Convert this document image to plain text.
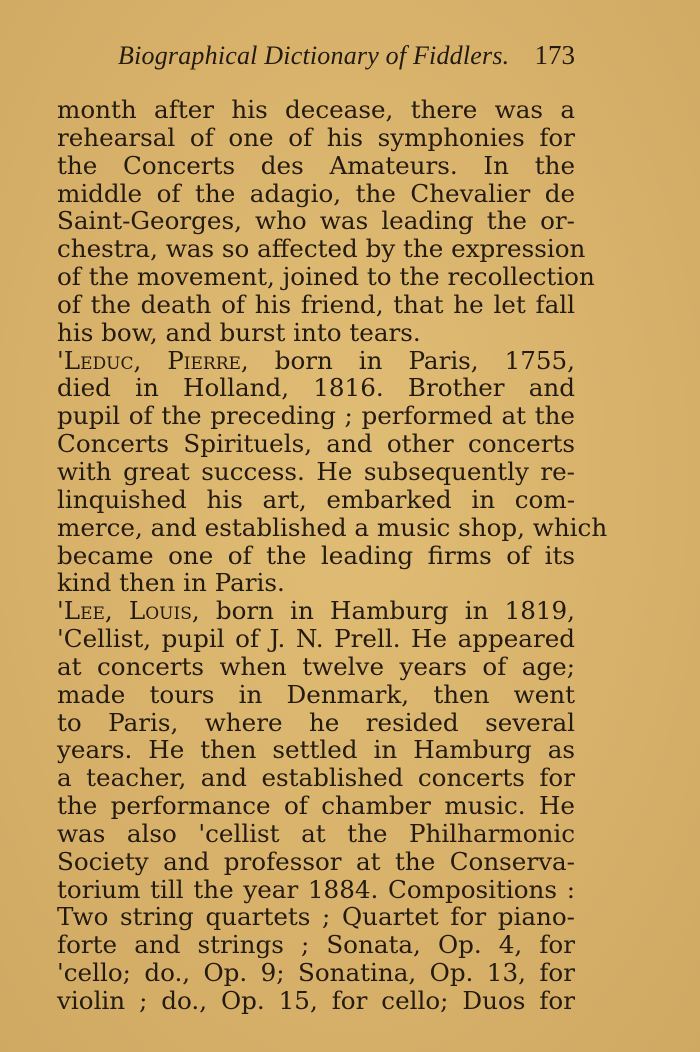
Biographical Dictionary of Fiddlers. 173
month after his decease, there was a
rehearsal of one of his symphonies for
the Concerts des Amateurs. In the
middle of the adagio, the Chevalier de
Saint-Georges, who was leading the or-
chestra, was so affected by the expression
of the movement, joined to the recollection
of the death of his friend, that he let fall
his bow, and burst into tears.
'Leduc, Pierre, born in Paris, 1755,
died in Holland, 1816. Brother and
pupil of the preceding ; performed at the
Concerts Spirituels, and other concerts
with great success. He subsequently re-
linquished his art, embarked in com-
merce, and established a music shop, which
became one of the leading firms of its
kind then in Paris.
'Lee, Louis, born in Hamburg in 1819,
'Cellist, pupil of J. N. Prell. He appeared
at concerts when twelve years of age;
made tours in Denmark, then went
to Paris, where he resided several
years. He then settled in Hamburg as
a teacher, and established concerts for
the performance of chamber music. He
was also 'cellist at the Philharmonic
Society and professor at the Conserva-
torium till the year 1884. Compositions :
Two string quartets ; Quartet for piano-
forte and strings ; Sonata, Op. 4, for
'cello; do., Op. 9; Sonatina, Op. 13, for
violin ; do., Op. 15, for cello; Duos for
